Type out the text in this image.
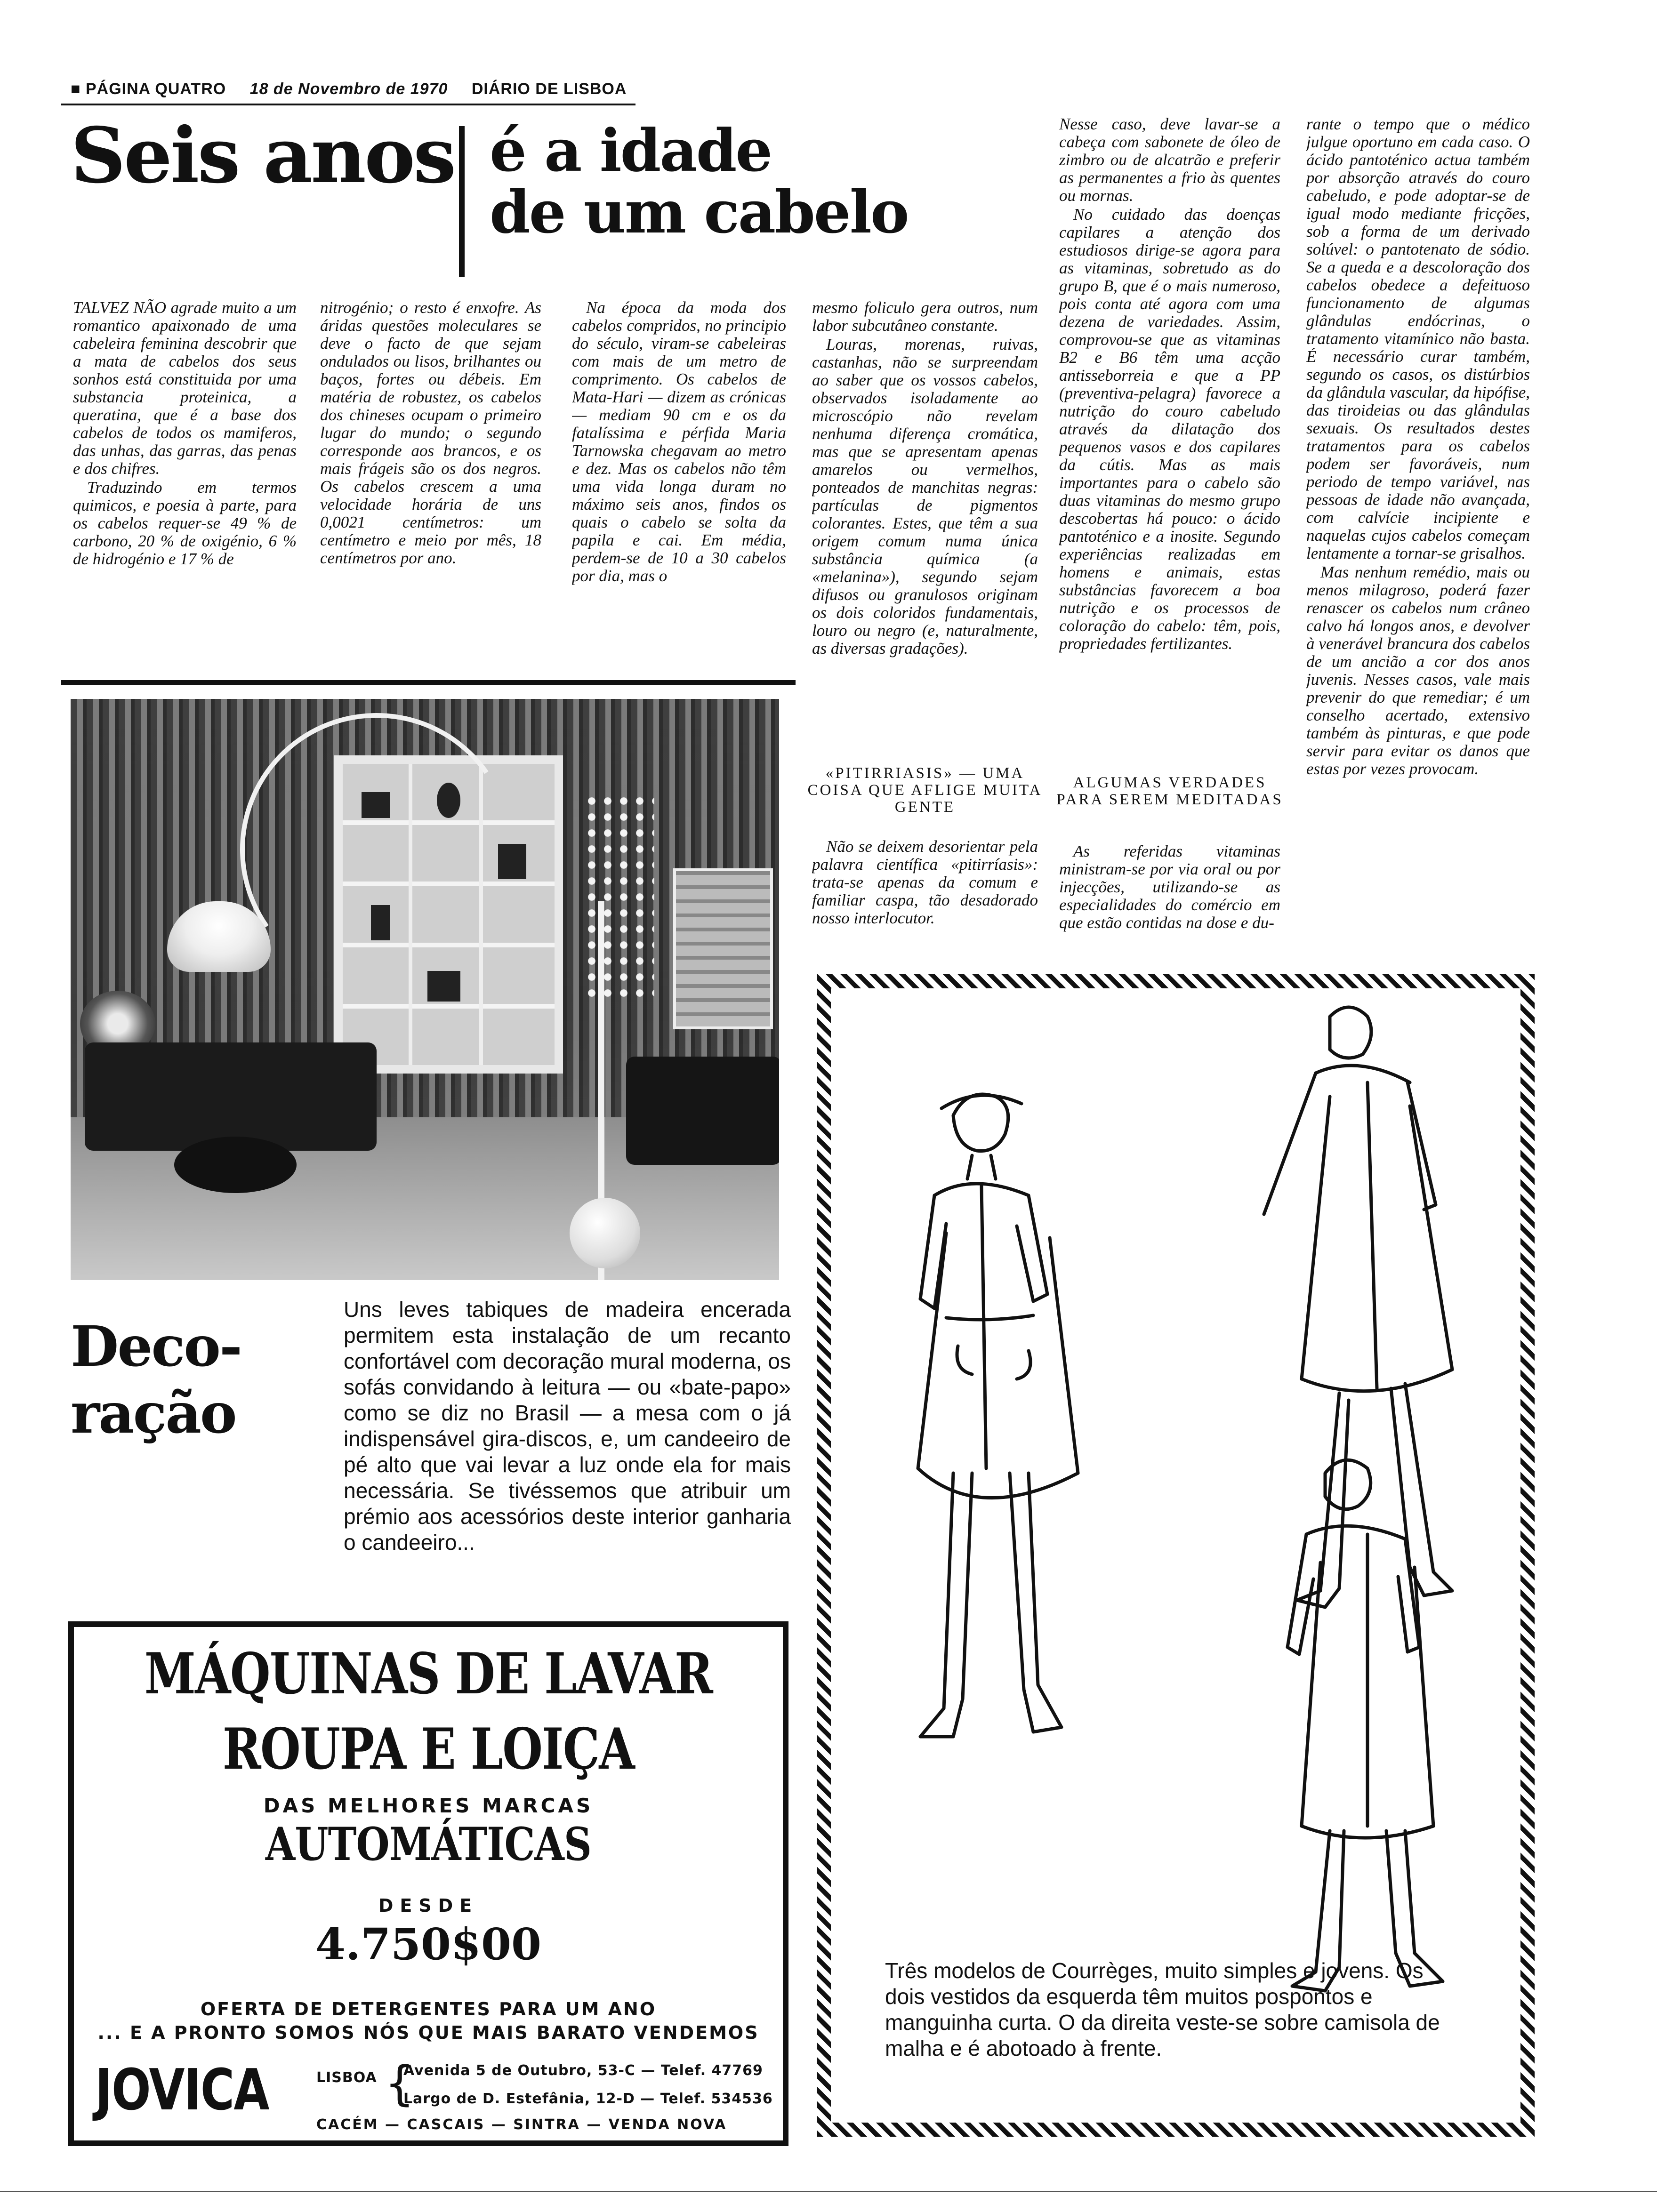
■ PÁGINA QUATRO 18 de Novembro de 1970 DIÁRIO DE LISBOA
Seis anos é a idade
de um cabelo

TALVEZ NÃO agrade muito a um romantico apaixonado de uma cabeleira feminina descobrir que a mata de cabelos dos seus sonhos está constituida por uma substancia proteinica, a queratina, que é a base dos cabelos de todos os mamiferos, das unhas, das garras, das penas e dos chifres.

Traduzindo em termos quimicos, e poesia à parte, para os cabelos requer-se 49 % de carbono, 20 % de oxigénio, 6 % de hidrogénio e 17 % de

nitrogénio; o resto é enxofre. As áridas questões moleculares se deve o facto de que sejam ondulados ou lisos, brilhantes ou baços, fortes ou débeis. Em matéria de robustez, os cabelos dos chineses ocupam o primeiro lugar do mundo; o segundo corresponde aos brancos, e os mais frágeis são os dos negros. Os cabelos crescem a uma velocidade horária de uns 0,0021 centímetros: um centímetro e meio por mês, 18 centímetros por ano.

Na época da moda dos cabelos compridos, no principio do século, viram-se cabeleiras com mais de um metro de comprimento. Os cabelos de Mata-Hari — dizem as crónicas — mediam 90 cm e os da fatalíssima e pérfida Maria Tarnowska chegavam ao metro e dez. Mas os cabelos não têm uma vida longa duram no máximo seis anos, findos os quais o cabelo se solta da papila e cai. Em média, perdem-se de 10 a 30 cabelos por dia, mas o

mesmo foliculo gera outros, num labor subcutâneo constante.

Louras, morenas, ruivas, castanhas, não se surpreendam ao saber que os vossos cabelos, observados isoladamente ao microscópio não revelam nenhuma diferença cromática, mas que se apresentam apenas amarelos ou vermelhos, ponteados de manchitas negras: partículas de pigmentos colorantes. Estes, que têm a sua origem comum numa única substância química (a «melanina»), segundo sejam difusos ou granulosos originam os dois coloridos fundamentais, louro ou negro (e, naturalmente, as diversas gradações).

«PITIRRIASIS» — UMA COISA QUE AFLIGE MUITA GENTE

Não se deixem desorientar pela palavra científica «pitirríasis»: trata-se apenas da comum e familiar caspa, tão desadorado nosso interlocutor.

Nesse caso, deve lavar-se a cabeça com sabonete de óleo de zimbro ou de alcatrão e preferir as permanentes a frio às quentes ou mornas.

No cuidado das doenças capilares a atenção dos estudiosos dirige-se agora para as vitaminas, sobretudo as do grupo B, que é o mais numeroso, pois conta até agora com uma dezena de variedades. Assim, comprovou-se que as vitaminas B2 e B6 têm uma acção antisseborreia e que a PP (preventiva-pelagra) favorece a nutrição do couro cabeludo através da dilatação dos pequenos vasos e dos capilares da cútis. Mas as mais importantes para o cabelo são duas vitaminas do mesmo grupo descobertas há pouco: o ácido pantoténico e a inosite. Segundo experiências realizadas em homens e animais, estas substâncias favorecem a boa nutrição e os processos de coloração do cabelo: têm, pois, propriedades fertilizantes.

ALGUMAS VERDADES PARA SEREM MEDITADAS

As referidas vitaminas ministram-se por via oral ou por injecções, utilizando-se as especialidades do comércio em que estão contidas na dose e du-

rante o tempo que o médico julgue oportuno em cada caso. O ácido pantoténico actua também por absorção através do couro cabeludo, e pode adoptar-se de igual modo mediante fricções, sob a forma de um derivado solúvel: o pantotenato de sódio. Se a queda e a descoloração dos cabelos obedece a defeituoso funcionamento de algumas glândulas endócrinas, o tratamento vitamínico não basta. É necessário curar também, segundo os casos, os distúrbios da glândula vascular, da hipófise, das tiroideias ou das glândulas sexuais. Os resultados destes tratamentos para os cabelos podem ser favoráveis, num periodo de tempo variável, nas pessoas de idade não avançada, com calvície incipiente e naquelas cujos cabelos começam lentamente a tornar-se grisalhos.

Mas nenhum remédio, mais ou menos milagroso, poderá fazer renascer os cabelos num crâneo calvo há longos anos, e devolver à venerável brancura dos cabelos de um ancião a cor dos anos juvenis. Nesses casos, vale mais prevenir do que remediar; é um conselho acertado, extensivo também às pinturas, e que pode servir para evitar os danos que estas por vezes provocam.

Deco-
ração
Uns leves tabiques de madeira encerada permitem esta instalação de um recanto confortável com decoração mural moderna, os sofás convidando à leitura — ou «bate-papo» como se diz no Brasil — a mesa com o já indispensável gira-discos, e, um candeeiro de pé alto que vai levar a luz onde ela for mais necessária. Se tivéssemos que atribuir um prémio aos acessórios deste interior ganharia o candeeiro...
MÁQUINAS DE LAVAR
ROUPA E LOIÇA
DAS MELHORES MARCAS
AUTOMÁTICAS
DESDE
4.750$00
OFERTA DE DETERGENTES PARA UM ANO
... E A PRONTO SOMOS NÓS QUE MAIS BARATO VENDEMOS
JOVICA	LISBOA {
Avenida 5 de Outubro, 53-C — Telef. 47769
Largo de D. Estefânia, 12-D — Telef. 534536
CACÉM — CASCAIS — SINTRA — VENDA NOVA
Três modelos de Courrèges, muito simples e jovens. Os dois vestidos da esquerda têm muitos pospontos e manguinha curta. O da direita veste-se sobre camisola de malha e é abotoado à frente.
